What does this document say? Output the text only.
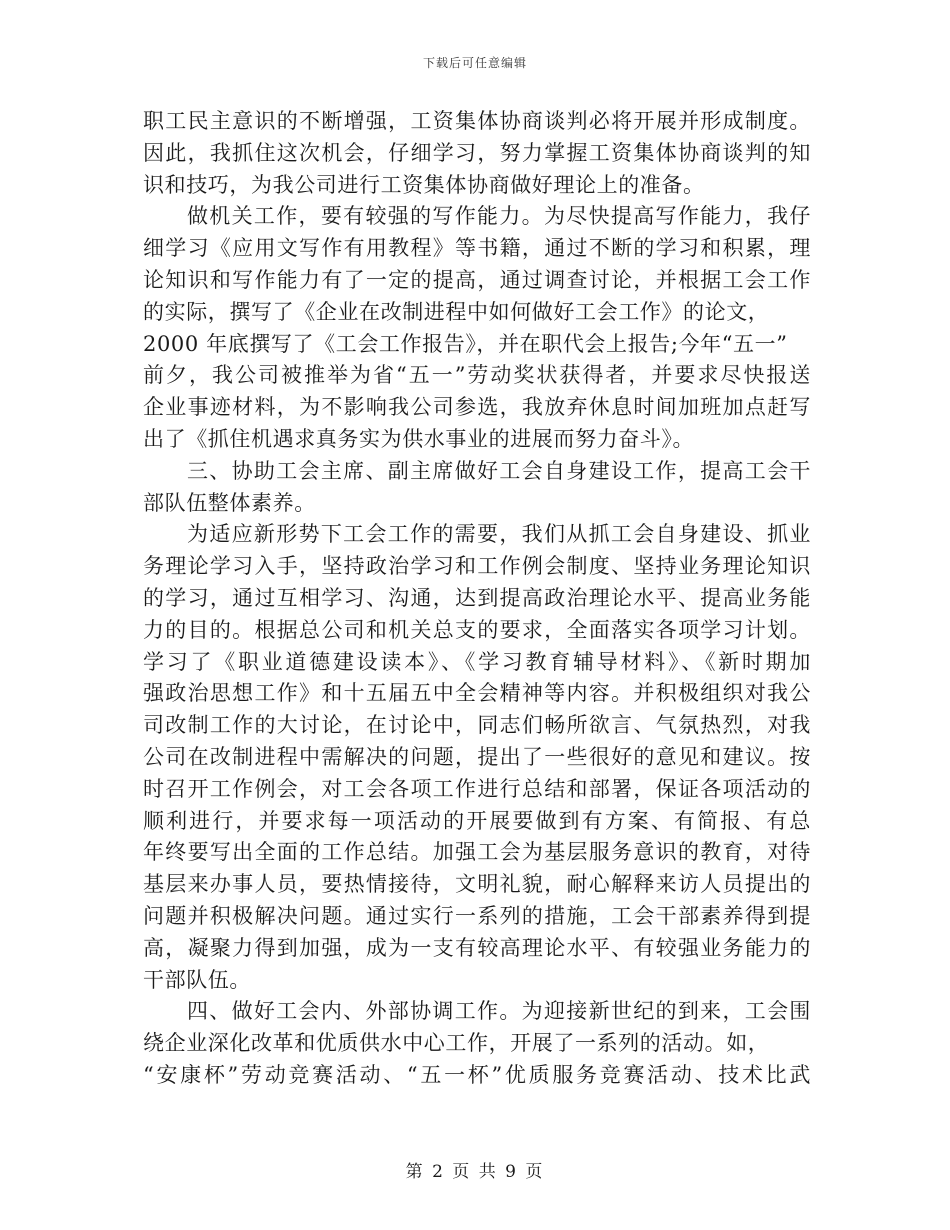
下载后可任意编辑
职工民主意识的不断增强，工资集体协商谈判必将开展并形成制度。
因此，我抓住这次机会，仔细学习，努力掌握工资集体协商谈判的知
识和技巧，为我公司进行工资集体协商做好理论上的准备。
做机关工作，要有较强的写作能力。为尽快提高写作能力，我仔
细学习《应用文写作有用教程》等书籍，通过不断的学习和积累，理
论知识和写作能力有了一定的提高，通过调查讨论，并根据工会工作
的实际，撰写了《企业在改制进程中如何做好工会工作》的论文，
2000 年底撰写了《工会工作报告》，并在职代会上报告;今年“五一”
前夕，我公司被推举为省“五一”劳动奖状获得者，并要求尽快报送
企业事迹材料，为不影响我公司参选，我放弃休息时间加班加点赶写
出了《抓住机遇求真务实为供水事业的进展而努力奋斗》。
三、协助工会主席、副主席做好工会自身建设工作，提高工会干
部队伍整体素养。
为适应新形势下工会工作的需要，我们从抓工会自身建设、抓业
务理论学习入手，坚持政治学习和工作例会制度、坚持业务理论知识
的学习，通过互相学习、沟通，达到提高政治理论水平、提高业务能
力的目的。根据总公司和机关总支的要求，全面落实各项学习计划。
学习了《职业道德建设读本》、《学习教育辅导材料》、《新时期加
强政治思想工作》和十五届五中全会精神等内容。并积极组织对我公
司改制工作的大讨论，在讨论中，同志们畅所欲言、气氛热烈，对我
公司在改制进程中需解决的问题，提出了一些很好的意见和建议。按
时召开工作例会，对工会各项工作进行总结和部署，保证各项活动的
顺利进行，并要求每一项活动的开展要做到有方案、有简报、有总
年终要写出全面的工作总结。加强工会为基层服务意识的教育，对待
基层来办事人员，要热情接待，文明礼貌，耐心解释来访人员提出的
问题并积极解决问题。通过实行一系列的措施，工会干部素养得到提
高，凝聚力得到加强，成为一支有较高理论水平、有较强业务能力的
干部队伍。
四、做好工会内、外部协调工作。为迎接新世纪的到来，工会围
绕企业深化改革和优质供水中心工作，开展了一系列的活动。如，
“安康杯”劳动竞赛活动、“五一杯”优质服务竞赛活动、技术比武
第 2 页 共 9 页
